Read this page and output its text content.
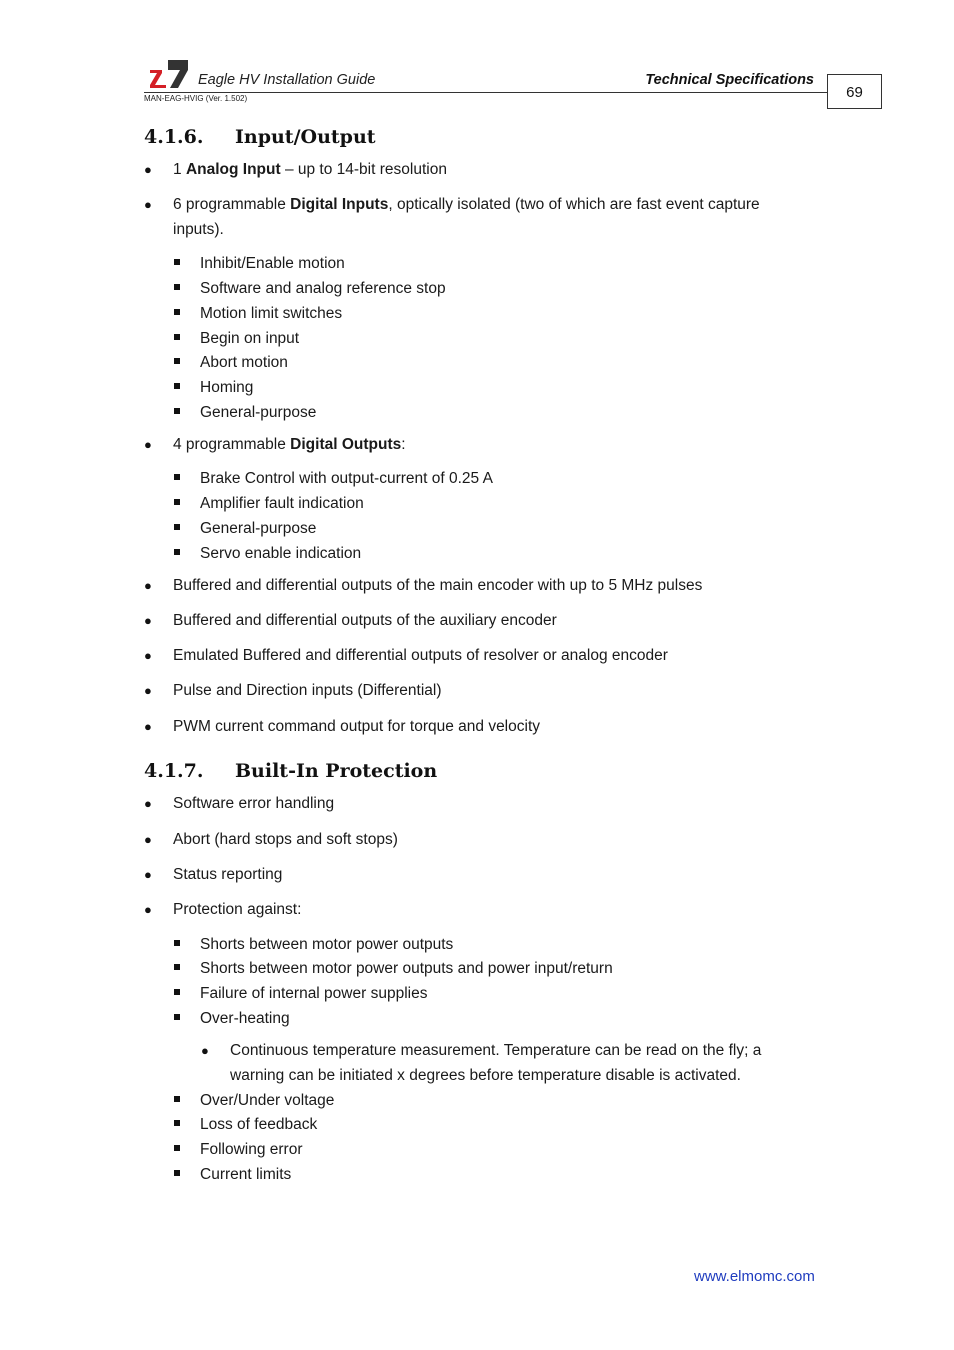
Eagle HV Installation Guide	Technical Specifications
MAN-EAG-HVIG (Ver. 1.502)	69
4.1.6. Input/Output
● 1 Analog Input – up to 14-bit resolution
● 6 programmable Digital Inputs, optically isolated (two of which are fast event capture
inputs).
Inhibit/Enable motion
Software and analog reference stop
Motion limit switches
Begin on input
Abort motion
Homing
General-purpose
● 4 programmable Digital Outputs:
Brake Control with output-current of 0.25 A
Amplifier fault indication
General-purpose
Servo enable indication
● Buffered and differential outputs of the main encoder with up to 5 MHz pulses
● Buffered and differential outputs of the auxiliary encoder
● Emulated Buffered and differential outputs of resolver or analog encoder
● Pulse and Direction inputs (Differential)
● PWM current command output for torque and velocity
4.1.7. Built-In Protection
● Software error handling
● Abort (hard stops and soft stops)
● Status reporting
● Protection against:
Shorts between motor power outputs
Shorts between motor power outputs and power input/return
Failure of internal power supplies
Over-heating
● Continuous temperature measurement. Temperature can be read on the fly; a
warning can be initiated x degrees before temperature disable is activated.
Over/Under voltage
Loss of feedback
Following error
Current limits
www.elmomc.com
